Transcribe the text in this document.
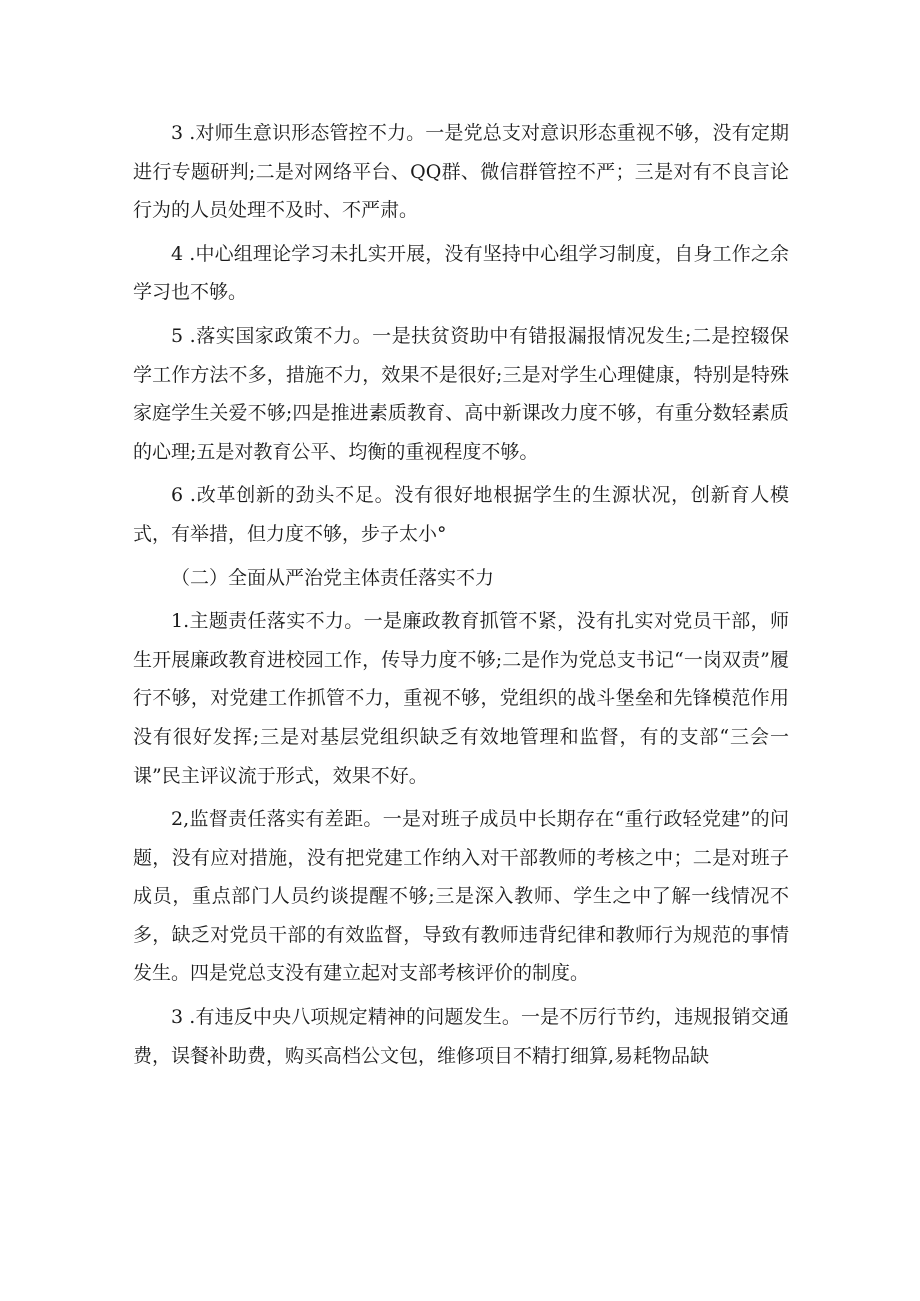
3 .对师生意识形态管控不力。一是党总支对意识形态重视不够，没有定期进行专题研判;二是对网络平台、QQ群、微信群管控不严；三是对有不良言论行为的人员处理不及时、不严肃。

4 .中心组理论学习未扎实开展，没有坚持中心组学习制度，自身工作之余学习也不够。

5 .落实国家政策不力。一是扶贫资助中有错报漏报情况发生;二是控辍保学工作方法不多，措施不力，效果不是很好;三是对学生心理健康，特别是特殊家庭学生关爱不够;四是推进素质教育、高中新课改力度不够，有重分数轻素质的心理;五是对教育公平、均衡的重视程度不够。

6 .改革创新的劲头不足。没有很好地根据学生的生源状况，创新育人模式，有举措，但力度不够，步子太小°

（二）全面从严治党主体责任落实不力

1.主题责任落实不力。一是廉政教育抓管不紧，没有扎实对党员干部，师生开展廉政教育进校园工作，传导力度不够;二是作为党总支书记“一岗双责”履行不够，对党建工作抓管不力，重视不够，党组织的战斗堡垒和先锋模范作用没有很好发挥;三是对基层党组织缺乏有效地管理和监督，有的支部“三会一课”民主评议流于形式，效果不好。

2,监督责任落实有差距。一是对班子成员中长期存在“重行政轻党建”的问题，没有应对措施，没有把党建工作纳入对干部教师的考核之中；二是对班子成员，重点部门人员约谈提醒不够;三是深入教师、学生之中了解一线情况不多，缺乏对党员干部的有效监督，导致有教师违背纪律和教师行为规范的事情发生。四是党总支没有建立起对支部考核评价的制度。

3 .有违反中央八项规定精神的问题发生。一是不厉行节约，违规报销交通费，误餐补助费，购买高档公文包，维修项目不精打细算,易耗物品缺
